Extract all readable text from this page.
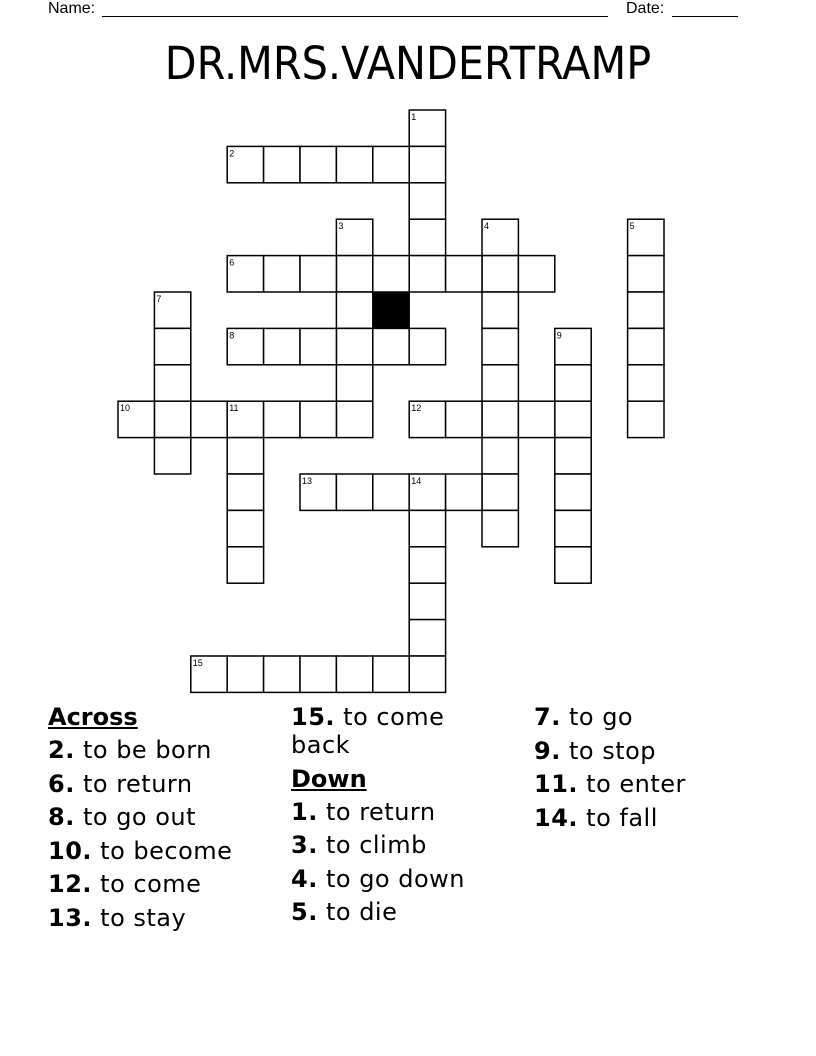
Name:	Date:
DR.MRS.VANDERTRAMP
1
2
3	4	5
6
7
8	9
10	11	12
13	14
15
Across
2. to be born
6. to return
8. to go out
10. to become
12. to come
13. to stay
15. to come back
Down
1. to return
3. to climb
4. to go down
5. to die
7. to go
9. to stop
11. to enter
14. to fall
